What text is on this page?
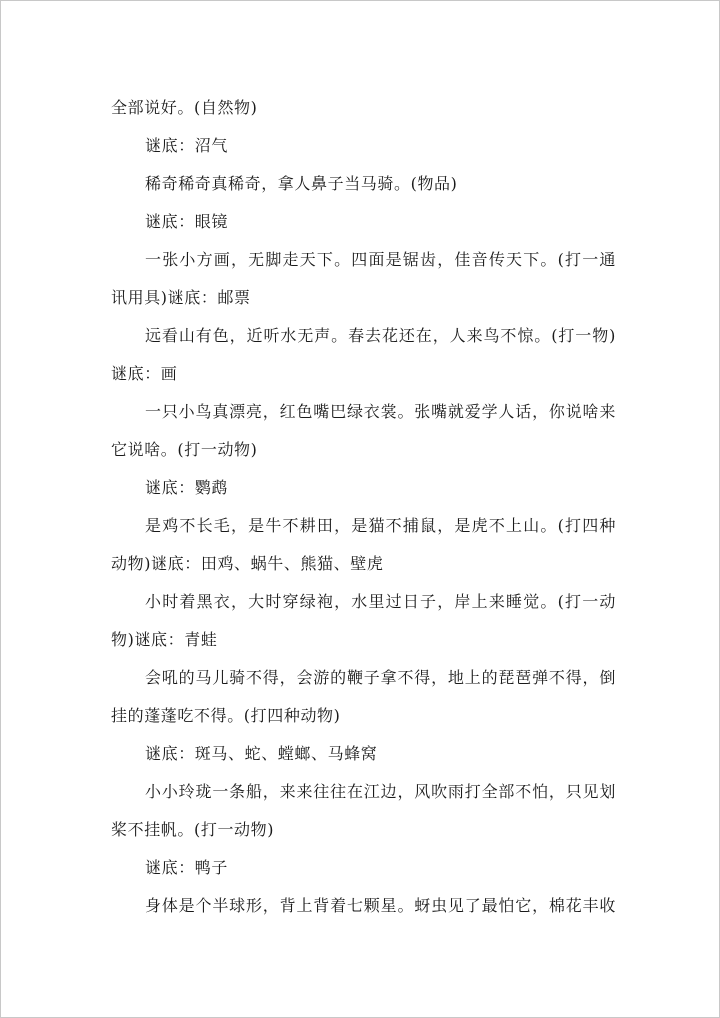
全部说好。(自然物)
谜底：沼气
稀奇稀奇真稀奇，拿人鼻子当马骑。(物品)
谜底：眼镜
一张小方画，无脚走天下。四面是锯齿，佳音传天下。(打一通
讯用具)谜底：邮票
远看山有色，近听水无声。春去花还在，人来鸟不惊。(打一物)
谜底：画
一只小鸟真漂亮，红色嘴巴绿衣裳。张嘴就爱学人话，你说啥来
它说啥。(打一动物)
谜底：鹦鹉
是鸡不长毛，是牛不耕田，是猫不捕鼠，是虎不上山。(打四种
动物)谜底：田鸡、蜗牛、熊猫、壁虎
小时着黑衣，大时穿绿袍，水里过日子，岸上来睡觉。(打一动
物)谜底：青蛙
会吼的马儿骑不得，会游的鞭子拿不得，地上的琵琶弹不得，倒
挂的蓬蓬吃不得。(打四种动物)
谜底：斑马、蛇、螳螂、马蜂窝
小小玲珑一条船，来来往往在江边，风吹雨打全部不怕，只见划
桨不挂帆。(打一动物)
谜底：鸭子
身体是个半球形，背上背着七颗星。蚜虫见了最怕它，棉花丰收
